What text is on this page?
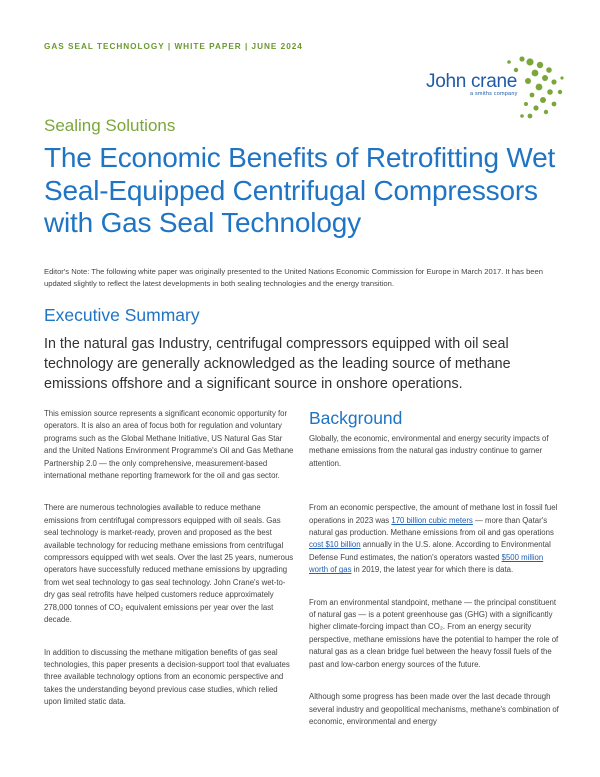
GAS SEAL TECHNOLOGY | WHITE PAPER | JUNE 2024
John crane
a smiths company
Sealing Solutions
The Economic Benefits of Retrofitting Wet Seal-Equipped Centrifugal Compressors with Gas Seal Technology

Editor's Note: The following white paper was originally presented to the United Nations Economic Commission for Europe in March 2017. It has been updated slightly to reflect the latest developments in both sealing technologies and the energy transition.

Executive Summary

In the natural gas Industry, centrifugal compressors equipped with oil seal technology are generally acknowledged as the leading source of methane emissions offshore and a significant source in onshore operations.

This emission source represents a significant economic opportunity for operators. It is also an area of focus both for regulation and voluntary programs such as the Global Methane Initiative, US Natural Gas Star and the United Nations Environment Programme's Oil and Gas Methane Partnership 2.0 — the only comprehensive, measurement-based international methane reporting framework for the oil and gas sector.

There are numerous technologies available to reduce methane emissions from centrifugal compressors equipped with oil seals. Gas seal technology is market-ready, proven and proposed as the best available technology for reducing methane emissions from centrifugal compressors equipped with wet seals. Over the last 25 years, numerous operators have successfully reduced methane emissions by upgrading from wet seal technology to gas seal technology. John Crane's wet-to-dry gas seal retrofits have helped customers reduce approximately 278,000 tonnes of CO₂ equivalent emissions per year over the last decade.

In addition to discussing the methane mitigation benefits of gas seal technologies, this paper presents a decision-support tool that evaluates three available technology options from an economic perspective and takes the understanding beyond previous case studies, which relied upon limited static data.

Background

Globally, the economic, environmental and energy security impacts of methane emissions from the natural gas industry continue to garner attention.

From an economic perspective, the amount of methane lost in fossil fuel operations in 2023 was 170 billion cubic meters — more than Qatar's natural gas production. Methane emissions from oil and gas operations cost $10 billion annually in the U.S. alone. According to Environmental Defense Fund estimates, the nation's operators wasted $500 million worth of gas in 2019, the latest year for which there is data.

From an environmental standpoint, methane — the principal constituent of natural gas — is a potent greenhouse gas (GHG) with a significantly higher climate-forcing impact than CO₂. From an energy security perspective, methane emissions have the potential to hamper the role of natural gas as a clean bridge fuel between the heavy fossil fuels of the past and low-carbon energy sources of the future.

Although some progress has been made over the last decade through several industry and geopolitical mechanisms, methane's combination of economic, environmental and energy
